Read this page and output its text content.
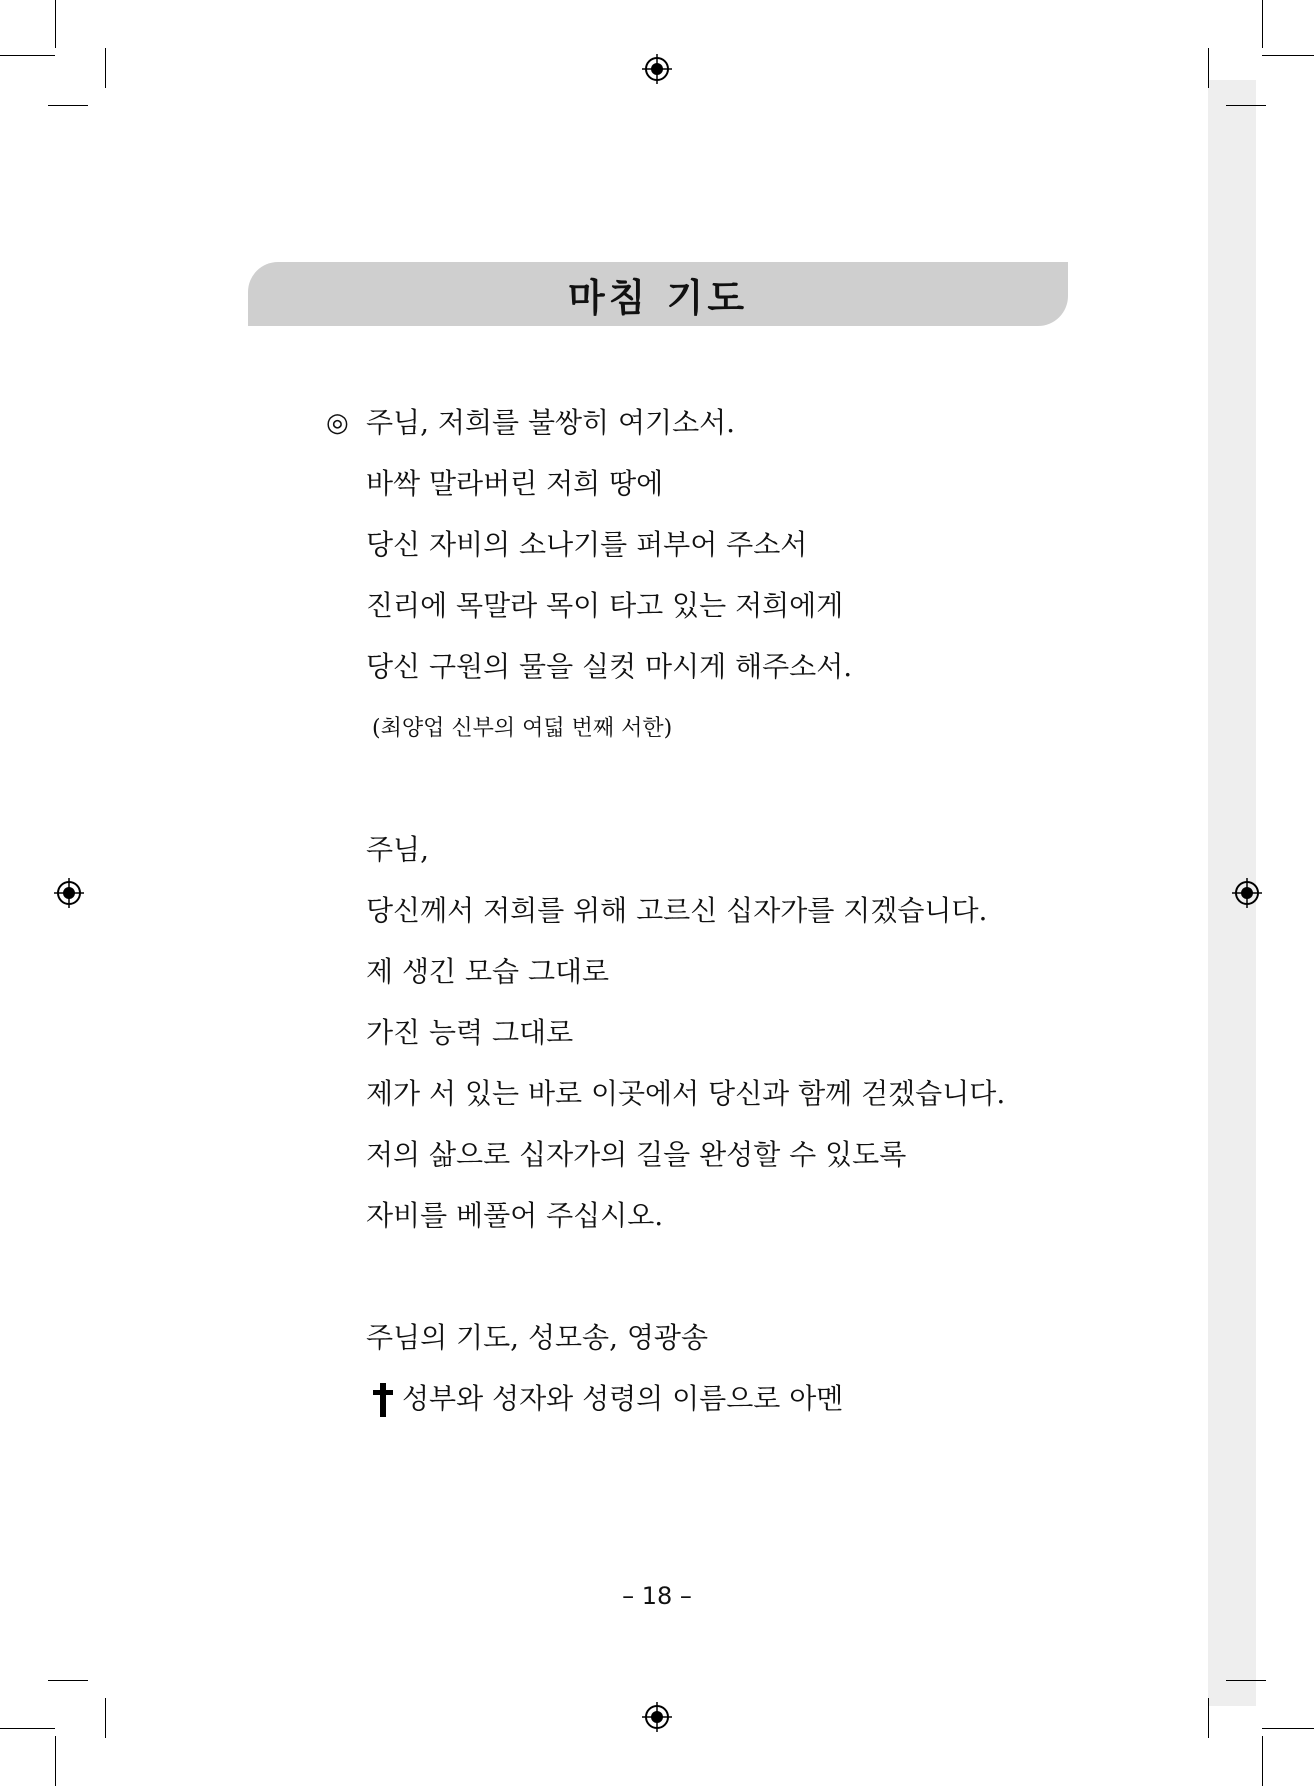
마침 기도
◎ 주님, 저희를 불쌍히 여기소서.
바싹 말라버린 저희 땅에
당신 자비의 소나기를 퍼부어 주소서
진리에 목말라 목이 타고 있는 저희에게
당신 구원의 물을 실컷 마시게 해주소서.
(최양업 신부의 여덟 번째 서한)
주님,
당신께서 저희를 위해 고르신 십자가를 지겠습니다.
제 생긴 모습 그대로
가진 능력 그대로
제가 서 있는 바로 이곳에서 당신과 함께 걷겠습니다.
저의 삶으로 십자가의 길을 완성할 수 있도록
자비를 베풀어 주십시오.
주님의 기도, 성모송, 영광송
성부와 성자와 성령의 이름으로 아멘
– 18 –
